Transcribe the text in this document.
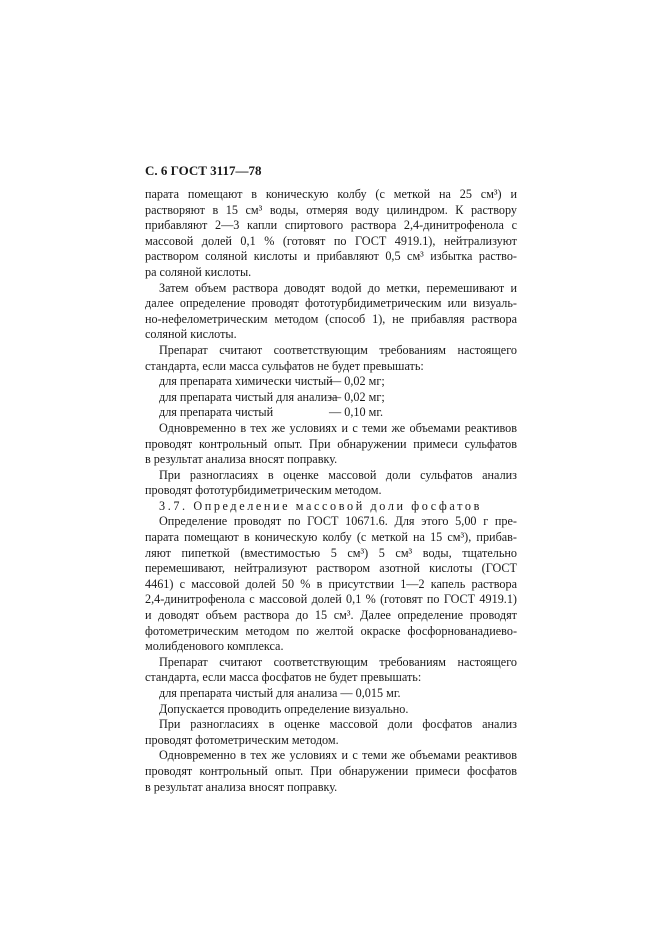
С. 6 ГОСТ 3117—78

парата помещают в коническую колбу (с меткой на 25 см³) и
растворяют в 15 см³ воды, отмеряя воду цилиндром. К раствору
прибавляют 2—3 капли спиртового раствора 2,4-динитрофенола с
массовой долей 0,1 % (готовят по ГОСТ 4919.1), нейтрализуют
раствором соляной кислоты и прибавляют 0,5 см³ избытка раство-
ра соляной кислоты.

Затем объем раствора доводят водой до метки, перемешивают и
далее определение проводят фототурбидиметрическим или визуаль-
но-нефелометрическим методом (способ 1), не прибавляя раствора
соляной кислоты.

Препарат считают соответствующим требованиям настоящего
стандарта, если масса сульфатов не будет превышать:

для препарата химически чистый
— 0,02 мг;
для препарата чистый для анализа
— 0,02 мг;
для препарата чистый	— 0,10 мг.

Одновременно в тех же условиях и с теми же объемами реактивов
проводят контрольный опыт. При обнаружении примеси сульфатов
в результат анализа вносят поправку.

При разногласиях в оценке массовой доли сульфатов анализ
проводят фототурбидиметрическим методом.

3.7. Определение массовой доли фосфатов

Определение проводят по ГОСТ 10671.6. Для этого 5,00 г пре-
парата помещают в коническую колбу (с меткой на 15 см³), прибав-
ляют пипеткой (вместимостью 5 см³) 5 см³ воды, тщательно
перемешивают, нейтрализуют раствором азотной кислоты (ГОСТ
4461) с массовой долей 50 % в присутствии 1—2 капель раствора
2,4-динитрофенола с массовой долей 0,1 % (готовят по ГОСТ 4919.1)
и доводят объем раствора до 15 см³. Далее определение проводят
фотометрическим методом по желтой окраске фосфорнованадиево-
молибденового комплекса.

Препарат считают соответствующим требованиям настоящего
стандарта, если масса фосфатов не будет превышать:

для препарата чистый для анализа — 0,015 мг.

Допускается проводить определение визуально.

При разногласиях в оценке массовой доли фосфатов анализ
проводят фотометрическим методом.

Одновременно в тех же условиях и с теми же объемами реактивов
проводят контрольный опыт. При обнаружении примеси фосфатов
в результат анализа вносят поправку.
